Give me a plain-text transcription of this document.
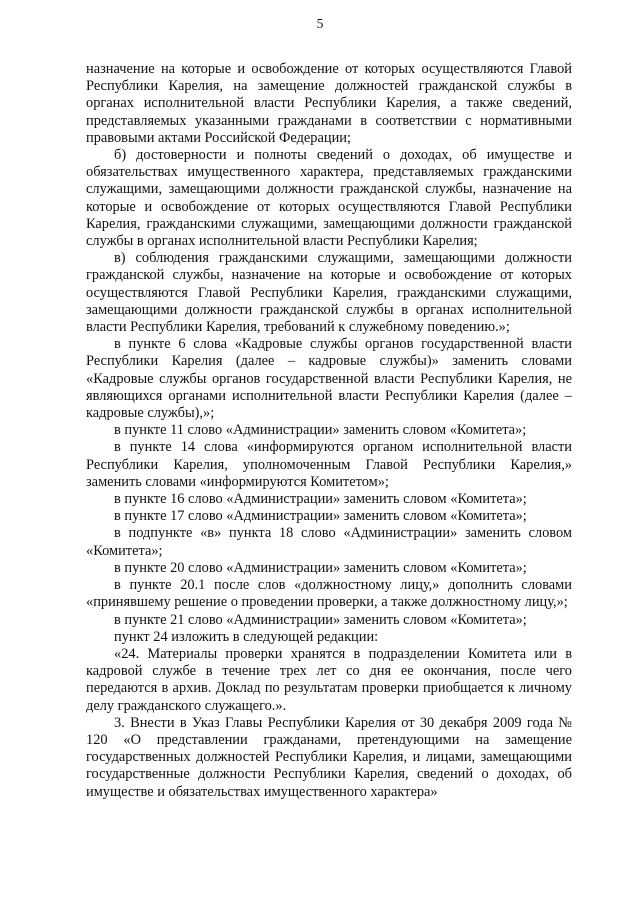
5

назначение на которые и освобождение от которых осуществляются Главой Республики Карелия, на замещение должностей гражданской службы в органах исполнительной власти Республики Карелия, а также сведений, представляемых указанными гражданами в соответствии с нормативными правовыми актами Российской Федерации;

б) достоверности и полноты сведений о доходах, об имуществе и обязательствах имущественного характера, представляемых гражданскими служащими, замещающими должности гражданской службы, назначение на которые и освобождение от которых осуществляются Главой Республики Карелия, гражданскими служащими, замещающими должности гражданской службы в органах исполнительной власти Республики Карелия;

в) соблюдения гражданскими служащими, замещающими должности гражданской службы, назначение на которые и освобождение от которых осуществляются Главой Республики Карелия, гражданскими служащими, замещающими должности гражданской службы в органах исполнительной власти Республики Карелия, требований к служебному поведению.»;

в пункте 6 слова «Кадровые службы органов государственной власти Республики Карелия (далее – кадровые службы)» заменить словами «Кадровые службы органов государственной власти Республики Карелия, не являющихся органами исполнительной власти Республики Карелия (далее – кадровые службы),»;

в пункте 11 слово «Администрации» заменить словом «Комитета»;

в пункте 14 слова «информируются органом исполнительной власти Республики Карелия, уполномоченным Главой Республики Карелия,» заменить словами «информируются Комитетом»;

в пункте 16 слово «Администрации» заменить словом «Комитета»;

в пункте 17 слово «Администрации» заменить словом «Комитета»;

в подпункте «в» пункта 18 слово «Администрации» заменить словом «Комитета»;

в пункте 20 слово «Администрации» заменить словом «Комитета»;

в пункте 20.1 после слов «должностному лицу,» дополнить словами «принявшему решение о проведении проверки, а также должностному лицу,»;

в пункте 21 слово «Администрации» заменить словом «Комитета»;

пункт 24 изложить в следующей редакции:

«24. Материалы проверки хранятся в подразделении Комитета или в кадровой службе в течение трех лет со дня ее окончания, после чего передаются в архив. Доклад по результатам проверки приобщается к личному делу гражданского служащего.».

3. Внести в Указ Главы Республики Карелия от 30 декабря 2009 года № 120 «О представлении гражданами, претендующими на замещение государственных должностей Республики Карелия, и лицами, замещающими государственные должности Республики Карелия, сведений о доходах, об имуществе и обязательствах имущественного характера»
